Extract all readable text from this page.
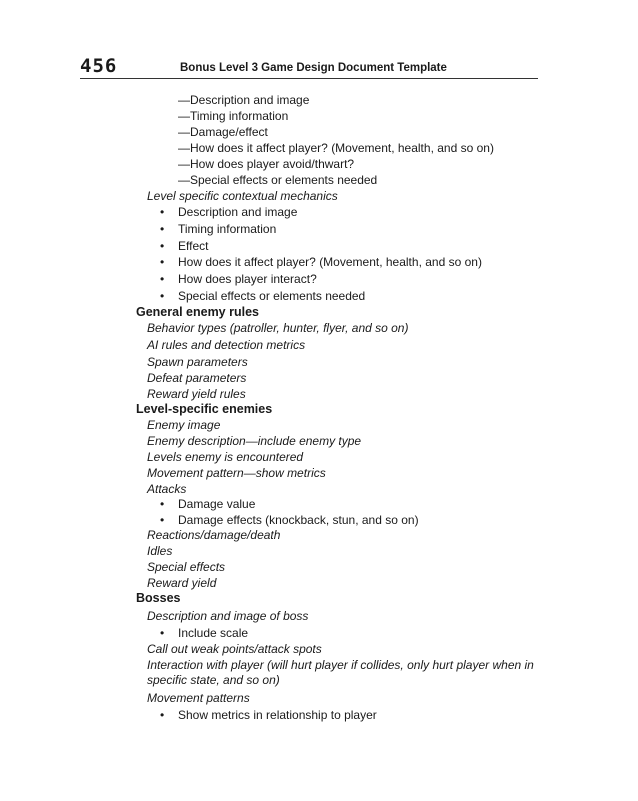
456	Bonus Level 3 Game Design Document Template
—Description and image
—Timing information
—Damage/effect
—How does it affect player? (Movement, health, and so on)
—How does player avoid/thwart?
—Special effects or elements needed
Level specific contextual mechanics
• Description and image
• Timing information
• Effect
• How does it affect player? (Movement, health, and so on)
• How does player interact?
• Special effects or elements needed
General enemy rules
Behavior types (patroller, hunter, flyer, and so on)
AI rules and detection metrics
Spawn parameters
Defeat parameters
Reward yield rules
Level-specific enemies
Enemy image
Enemy description—include enemy type
Levels enemy is encountered
Movement pattern—show metrics
Attacks
• Damage value
• Damage effects (knockback, stun, and so on)
Reactions/damage/death
Idles
Special effects
Reward yield
Bosses
Description and image of boss
• Include scale
Call out weak points/attack spots
Interaction with player (will hurt player if collides, only hurt player when in specific state, and so on)
Movement patterns
• Show metrics in relationship to player
